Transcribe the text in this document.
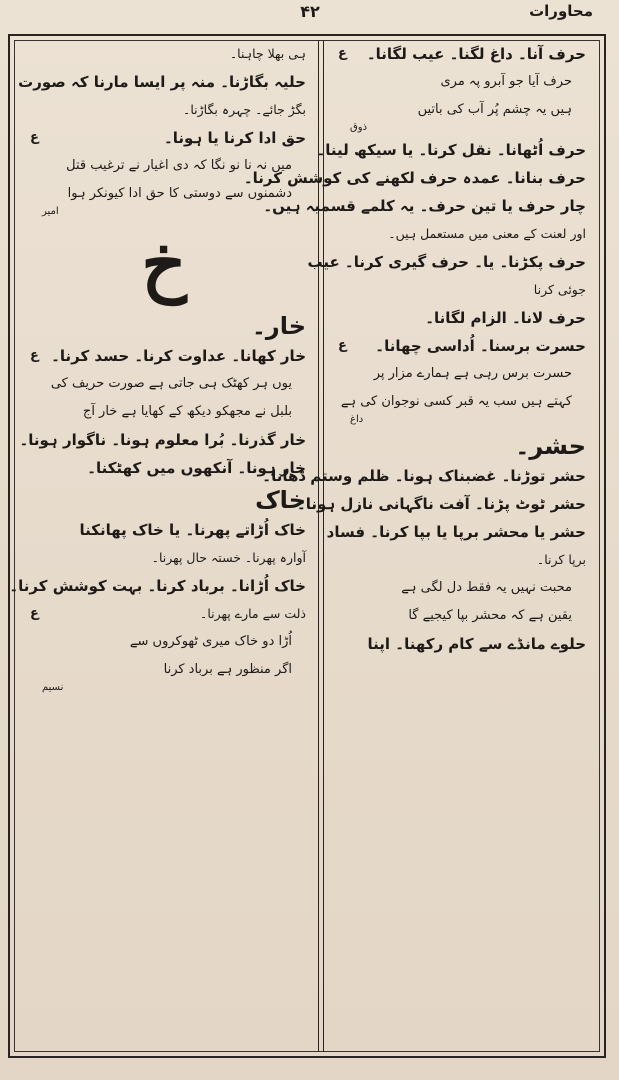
۴۲	محاورات
حرف آنا۔ داغ لگنا۔ عیب لگانا۔
ع
حرف آیا جو آبرو پہ مری
ہیں یہ چشم پُر آب کی باتیں
ذوق
حرف اُٹھانا۔ نقل کرنا۔ یا سیکھ لینا۔
حرف بنانا۔ عمدہ حرف لکھنے کی کوشش کرنا۔
چار حرف یا تین حرف۔ یہ کلمے قسمیہ ہیں۔
اور لعنت کے معنی میں مستعمل ہیں۔
حرف پکڑنا۔ یا۔ حرف گیری کرنا۔ عیب
جوئی کرنا
حرف لانا۔ الزام لگانا۔
حسرت برسنا۔ اُداسی چھانا۔
ع
حسرت برس رہی ہے ہمارے مزار پر
کہتے ہیں سب یہ قبر کسی نوجوان کی ہے
داغ
حشر۔
حشر توڑنا۔ غضبناک ہونا۔ ظلم وستم ڈھانا۔
حشر ٹوٹ پڑنا۔ آفت ناگہانی نازل ہونا۔
حشر یا محشر برپا یا بپا کرنا۔ فساد
برپا کرنا۔
محبت نہیں یہ فقط دل لگی ہے
یقین ہے کہ محشر بپا کیجیے گا
حلوے مانڈے سے کام رکھنا۔ اپنا
ہی بھلا چاہنا۔
حلیہ بگاڑنا۔ منہ پر ایسا مارنا کہ صورت
بگڑ جائے۔ چہرہ بگاڑنا۔
حق ادا کرنا یا ہونا۔
ع
میں نہ نا نو نگا کہ دی اغیار نے ترغیب قتل
دشمنوں سے دوستی کا حق ادا کیونکر ہوا
امیر
خ
خار۔
خار کھانا۔ عداوت کرنا۔ حسد کرنا۔
ع
یوں ہر کھٹک ہی جاتی ہے صورت حریف کی
بلبل نے مجھکو دیکھ کے کھایا ہے خار آج
خار گذرنا۔ بُرا معلوم ہونا۔ ناگوار ہونا۔
خار ہونا۔ آنکھوں میں کھٹکنا۔
خاک
خاک اُڑاتے پھرنا۔ یا خاک پھانکنا
آوارہ پھرنا۔ خستہ حال پھرنا۔
خاک اُڑانا۔ برباد کرنا۔ بہت کوشش کرنا۔
ذلت سے مارے پھرنا۔
ع
اُڑا دو خاک میری ٹھوکروں سے
اگر منظور ہے برباد کرنا
نسیم
